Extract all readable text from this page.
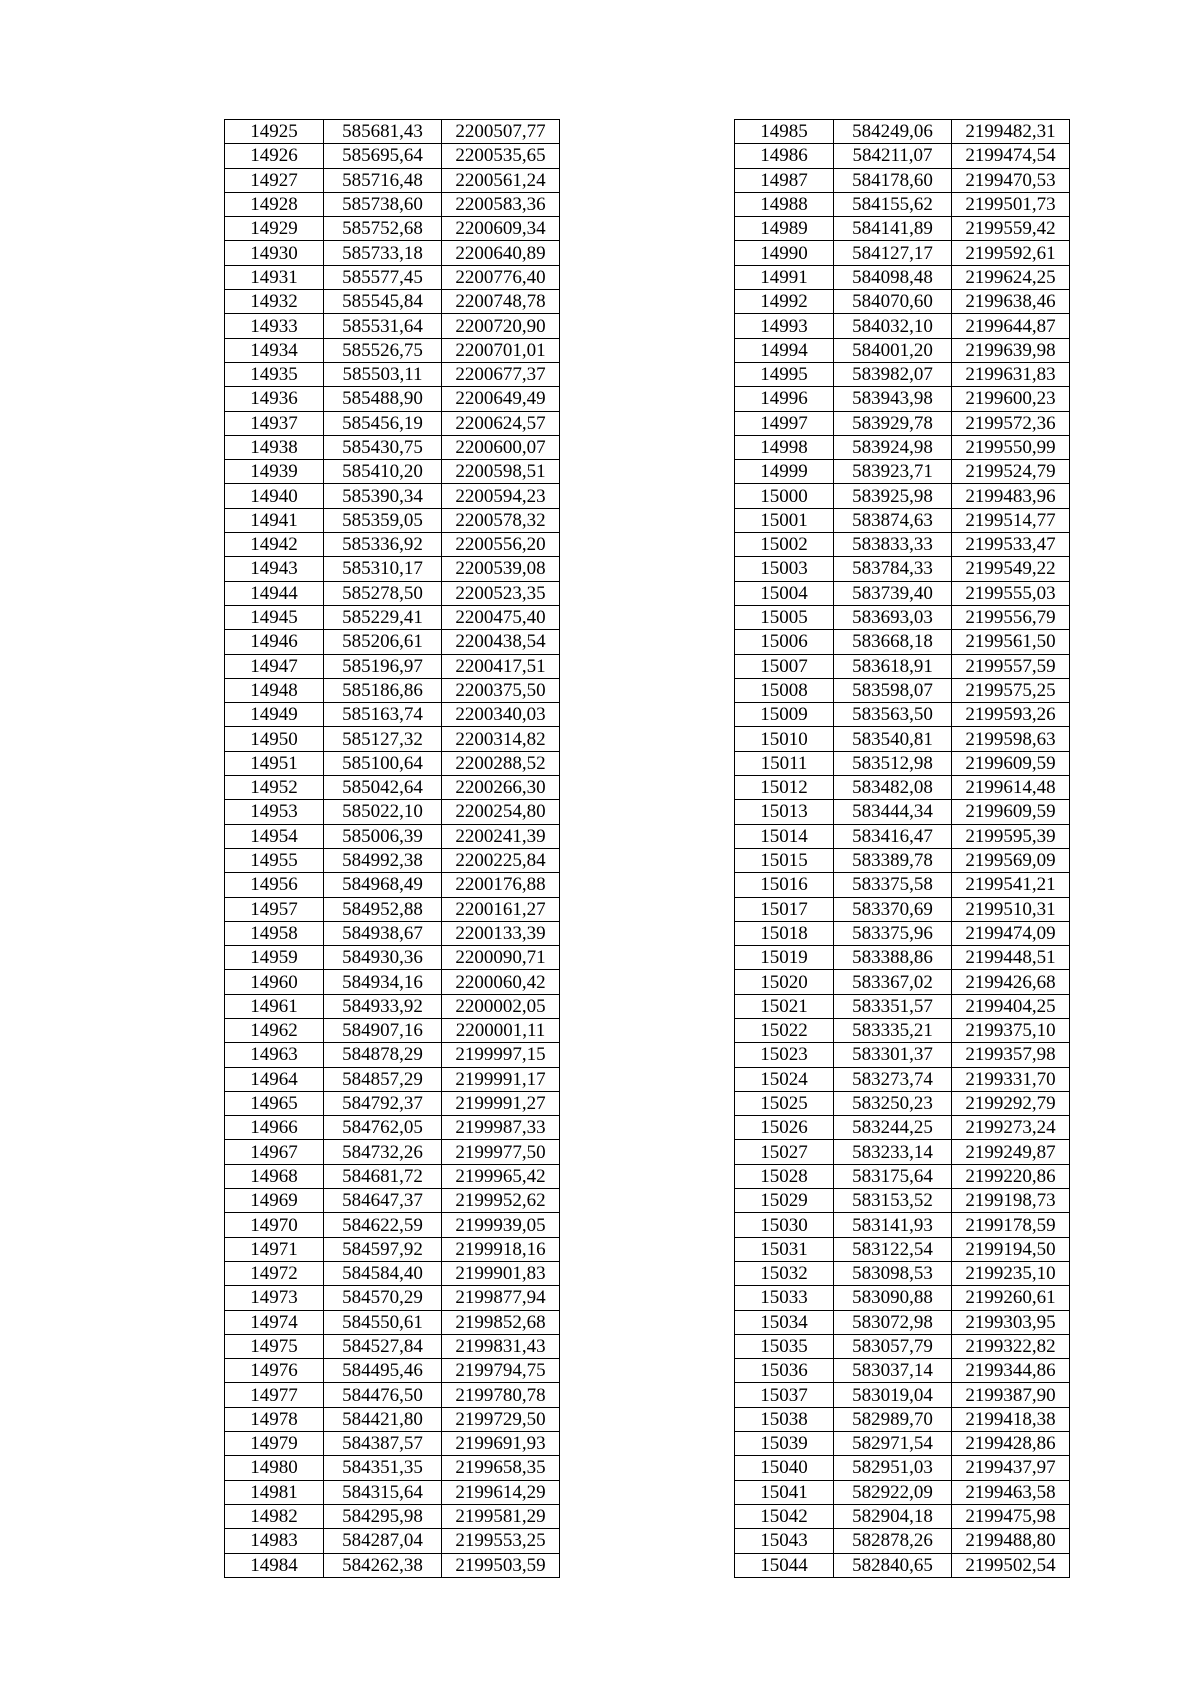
14925	585681,43	2200507,77
14926	585695,64	2200535,65
14927	585716,48	2200561,24
14928	585738,60	2200583,36
14929	585752,68	2200609,34
14930	585733,18	2200640,89
14931	585577,45	2200776,40
14932	585545,84	2200748,78
14933	585531,64	2200720,90
14934	585526,75	2200701,01
14935	585503,11	2200677,37
14936	585488,90	2200649,49
14937	585456,19	2200624,57
14938	585430,75	2200600,07
14939	585410,20	2200598,51
14940	585390,34	2200594,23
14941	585359,05	2200578,32
14942	585336,92	2200556,20
14943	585310,17	2200539,08
14944	585278,50	2200523,35
14945	585229,41	2200475,40
14946	585206,61	2200438,54
14947	585196,97	2200417,51
14948	585186,86	2200375,50
14949	585163,74	2200340,03
14950	585127,32	2200314,82
14951	585100,64	2200288,52
14952	585042,64	2200266,30
14953	585022,10	2200254,80
14954	585006,39	2200241,39
14955	584992,38	2200225,84
14956	584968,49	2200176,88
14957	584952,88	2200161,27
14958	584938,67	2200133,39
14959	584930,36	2200090,71
14960	584934,16	2200060,42
14961	584933,92	2200002,05
14962	584907,16	2200001,11
14963	584878,29	2199997,15
14964	584857,29	2199991,17
14965	584792,37	2199991,27
14966	584762,05	2199987,33
14967	584732,26	2199977,50
14968	584681,72	2199965,42
14969	584647,37	2199952,62
14970	584622,59	2199939,05
14971	584597,92	2199918,16
14972	584584,40	2199901,83
14973	584570,29	2199877,94
14974	584550,61	2199852,68
14975	584527,84	2199831,43
14976	584495,46	2199794,75
14977	584476,50	2199780,78
14978	584421,80	2199729,50
14979	584387,57	2199691,93
14980	584351,35	2199658,35
14981	584315,64	2199614,29
14982	584295,98	2199581,29
14983	584287,04	2199553,25
14984	584262,38	2199503,59
14985	584249,06	2199482,31
14986	584211,07	2199474,54
14987	584178,60	2199470,53
14988	584155,62	2199501,73
14989	584141,89	2199559,42
14990	584127,17	2199592,61
14991	584098,48	2199624,25
14992	584070,60	2199638,46
14993	584032,10	2199644,87
14994	584001,20	2199639,98
14995	583982,07	2199631,83
14996	583943,98	2199600,23
14997	583929,78	2199572,36
14998	583924,98	2199550,99
14999	583923,71	2199524,79
15000	583925,98	2199483,96
15001	583874,63	2199514,77
15002	583833,33	2199533,47
15003	583784,33	2199549,22
15004	583739,40	2199555,03
15005	583693,03	2199556,79
15006	583668,18	2199561,50
15007	583618,91	2199557,59
15008	583598,07	2199575,25
15009	583563,50	2199593,26
15010	583540,81	2199598,63
15011	583512,98	2199609,59
15012	583482,08	2199614,48
15013	583444,34	2199609,59
15014	583416,47	2199595,39
15015	583389,78	2199569,09
15016	583375,58	2199541,21
15017	583370,69	2199510,31
15018	583375,96	2199474,09
15019	583388,86	2199448,51
15020	583367,02	2199426,68
15021	583351,57	2199404,25
15022	583335,21	2199375,10
15023	583301,37	2199357,98
15024	583273,74	2199331,70
15025	583250,23	2199292,79
15026	583244,25	2199273,24
15027	583233,14	2199249,87
15028	583175,64	2199220,86
15029	583153,52	2199198,73
15030	583141,93	2199178,59
15031	583122,54	2199194,50
15032	583098,53	2199235,10
15033	583090,88	2199260,61
15034	583072,98	2199303,95
15035	583057,79	2199322,82
15036	583037,14	2199344,86
15037	583019,04	2199387,90
15038	582989,70	2199418,38
15039	582971,54	2199428,86
15040	582951,03	2199437,97
15041	582922,09	2199463,58
15042	582904,18	2199475,98
15043	582878,26	2199488,80
15044	582840,65	2199502,54
